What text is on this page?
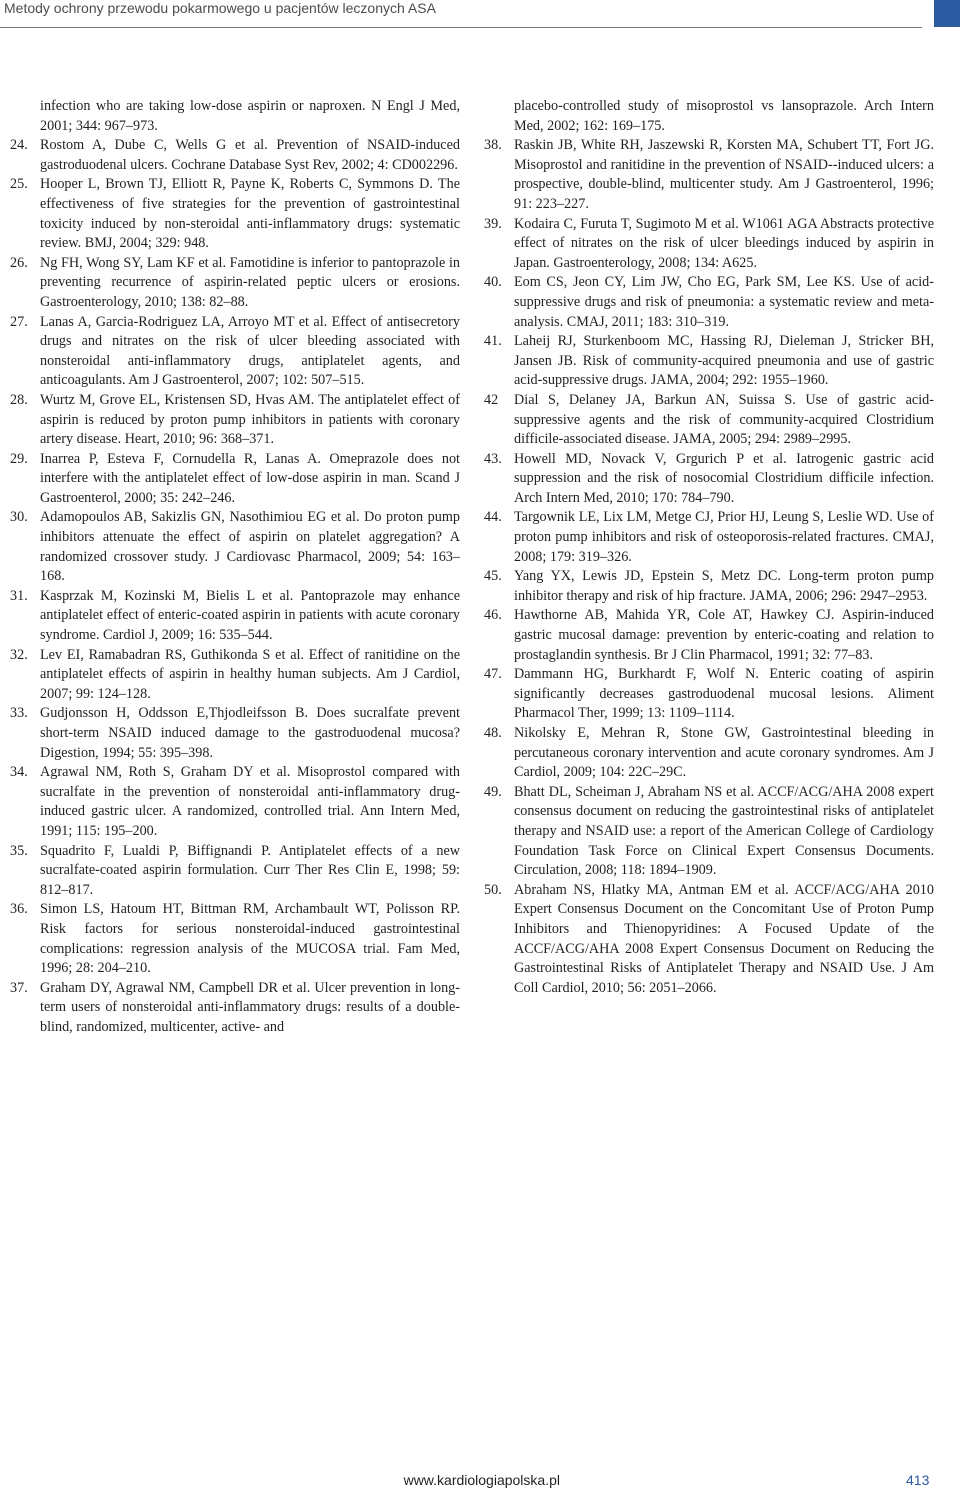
Metody ochrony przewodu pokarmowego u pacjentów leczonych ASA

infection who are taking low-dose aspirin or naproxen. N Engl J Med, 2001; 344: 967–973.

24. Rostom A, Dube C, Wells G et al. Prevention of NSAID-induced gastroduodenal ulcers. Cochrane Database Syst Rev, 2002; 4: CD002296.

25. Hooper L, Brown TJ, Elliott R, Payne K, Roberts C, Symmons D. The effectiveness of five strategies for the prevention of gastrointestinal toxicity induced by non-steroidal anti-inflammatory drugs: systematic review. BMJ, 2004; 329: 948.

26. Ng FH, Wong SY, Lam KF et al. Famotidine is inferior to pantoprazole in preventing recurrence of aspirin-related peptic ulcers or erosions. Gastroenterology, 2010; 138: 82–88.

27. Lanas A, Garcia-Rodriguez LA, Arroyo MT et al. Effect of antisecretory drugs and nitrates on the risk of ulcer bleeding associated with nonsteroidal anti-inflammatory drugs, antiplatelet agents, and anticoagulants. Am J Gastroenterol, 2007; 102: 507–515.

28. Wurtz M, Grove EL, Kristensen SD, Hvas AM. The antiplatelet effect of aspirin is reduced by proton pump inhibitors in patients with coronary artery disease. Heart, 2010; 96: 368–371.

29. Inarrea P, Esteva F, Cornudella R, Lanas A. Omeprazole does not interfere with the antiplatelet effect of low-dose aspirin in man. Scand J Gastroenterol, 2000; 35: 242–246.

30. Adamopoulos AB, Sakizlis GN, Nasothimiou EG et al. Do proton pump inhibitors attenuate the effect of aspirin on platelet aggregation? A randomized crossover study. J Cardiovasc Pharmacol, 2009; 54: 163–168.

31. Kasprzak M, Kozinski M, Bielis L et al. Pantoprazole may enhance antiplatelet effect of enteric-coated aspirin in patients with acute coronary syndrome. Cardiol J, 2009; 16: 535–544.

32. Lev EI, Ramabadran RS, Guthikonda S et al. Effect of ranitidine on the antiplatelet effects of aspirin in healthy human subjects. Am J Cardiol, 2007; 99: 124–128.

33. Gudjonsson H, Oddsson E,Thjodleifsson B. Does sucralfate prevent short-term NSAID induced damage to the gastroduodenal mucosa? Digestion, 1994; 55: 395–398.

34. Agrawal NM, Roth S, Graham DY et al. Misoprostol compared with sucralfate in the prevention of nonsteroidal anti-inflammatory drug-induced gastric ulcer. A randomized, controlled trial. Ann Intern Med, 1991; 115: 195–200.

35. Squadrito F, Lualdi P, Biffignandi P. Antiplatelet effects of a new sucralfate-coated aspirin formulation. Curr Ther Res Clin E, 1998; 59: 812–817.

36. Simon LS, Hatoum HT, Bittman RM, Archambault WT, Polisson RP. Risk factors for serious nonsteroidal-induced gastrointestinal complications: regression analysis of the MUCOSA trial. Fam Med, 1996; 28: 204–210.

37. Graham DY, Agrawal NM, Campbell DR et al. Ulcer prevention in long-term users of nonsteroidal anti-inflammatory drugs: results of a double-blind, randomized, multicenter, active- and

placebo-controlled study of misoprostol vs lansoprazole. Arch Intern Med, 2002; 162: 169–175.

38. Raskin JB, White RH, Jaszewski R, Korsten MA, Schubert TT, Fort JG. Misoprostol and ranitidine in the prevention of NSAID--induced ulcers: a prospective, double-blind, multicenter study. Am J Gastroenterol, 1996; 91: 223–227.

39. Kodaira C, Furuta T, Sugimoto M et al. W1061 AGA Abstracts protective effect of nitrates on the risk of ulcer bleedings induced by aspirin in Japan. Gastroenterology, 2008; 134: A625.

40. Eom CS, Jeon CY, Lim JW, Cho EG, Park SM, Lee KS. Use of acid-suppressive drugs and risk of pneumonia: a systematic review and meta-analysis. CMAJ, 2011; 183: 310–319.

41. Laheij RJ, Sturkenboom MC, Hassing RJ, Dieleman J, Stricker BH, Jansen JB. Risk of community-acquired pneumonia and use of gastric acid-suppressive drugs. JAMA, 2004; 292: 1955–1960.

42	Dial S, Delaney JA, Barkun AN, Suissa S. Use of gastric acid-suppressive agents and the risk of community-acquired Clostridium difficile-associated disease. JAMA, 2005; 294: 2989–2995.

43. Howell MD, Novack V, Grgurich P et al. Iatrogenic gastric acid suppression and the risk of nosocomial Clostridium difficile infection. Arch Intern Med, 2010; 170: 784–790.

44. Targownik LE, Lix LM, Metge CJ, Prior HJ, Leung S, Leslie WD. Use of proton pump inhibitors and risk of osteoporosis-related fractures. CMAJ, 2008; 179: 319–326.

45. Yang YX, Lewis JD, Epstein S, Metz DC. Long-term proton pump inhibitor therapy and risk of hip fracture. JAMA, 2006; 296: 2947–2953.

46. Hawthorne AB, Mahida YR, Cole AT, Hawkey CJ. Aspirin-induced gastric mucosal damage: prevention by enteric-coating and relation to prostaglandin synthesis. Br J Clin Pharmacol, 1991; 32: 77–83.

47. Dammann HG, Burkhardt F, Wolf N. Enteric coating of aspirin significantly decreases gastroduodenal mucosal lesions. Aliment Pharmacol Ther, 1999; 13: 1109–1114.

48. Nikolsky E, Mehran R, Stone GW, Gastrointestinal bleeding in percutaneous coronary intervention and acute coronary syndromes. Am J Cardiol, 2009; 104: 22C–29C.

49. Bhatt DL, Scheiman J, Abraham NS et al. ACCF/ACG/AHA 2008 expert consensus document on reducing the gastrointestinal risks of antiplatelet therapy and NSAID use: a report of the American College of Cardiology Foundation Task Force on Clinical Expert Consensus Documents. Circulation, 2008; 118: 1894–1909.

50. Abraham NS, Hlatky MA, Antman EM et al. ACCF/ACG/AHA 2010 Expert Consensus Document on the Concomitant Use of Proton Pump Inhibitors and Thienopyridines: A Focused Update of the ACCF/ACG/AHA 2008 Expert Consensus Document on Reducing the Gastrointestinal Risks of Antiplatelet Therapy and NSAID Use. J Am Coll Cardiol, 2010; 56: 2051–2066.

www.kardiologiapolska.pl	413
